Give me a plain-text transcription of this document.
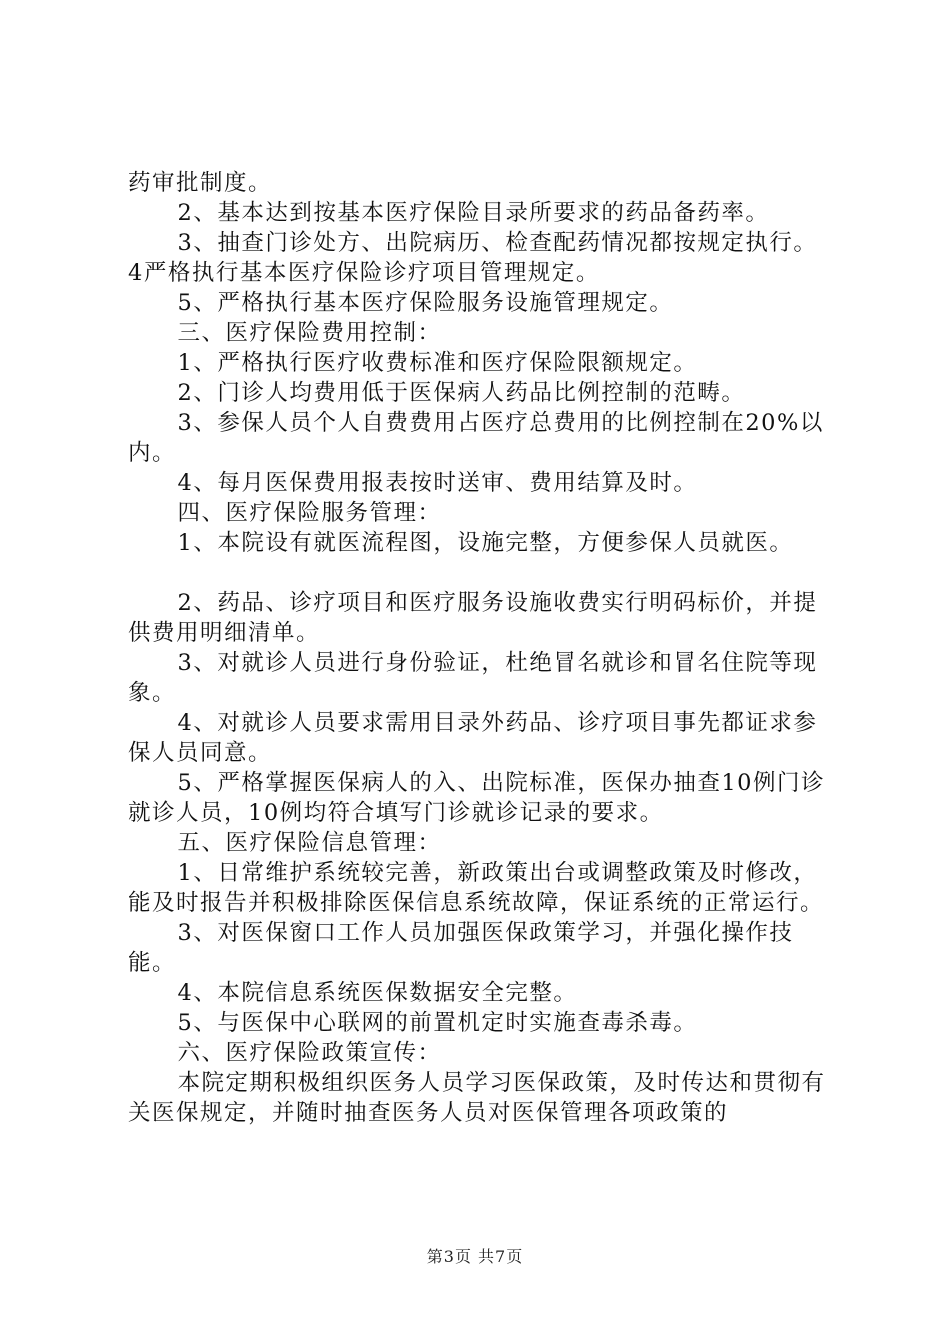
药审批制度。

2、基本达到按基本医疗保险目录所要求的药品备药率。

3、抽查门诊处方、出院病历、检查配药情况都按规定执行。

4严格执行基本医疗保险诊疗项目管理规定。

5、严格执行基本医疗保险服务设施管理规定。

三、医疗保险费用控制：

1、严格执行医疗收费标准和医疗保险限额规定。

2、门诊人均费用低于医保病人药品比例控制的范畴。

3、参保人员个人自费费用占医疗总费用的比例控制在20%以内。

4、每月医保费用报表按时送审、费用结算及时。

四、医疗保险服务管理：

1、本院设有就医流程图，设施完整，方便参保人员就医。

2、药品、诊疗项目和医疗服务设施收费实行明码标价，并提供费用明细清单。

3、对就诊人员进行身份验证，杜绝冒名就诊和冒名住院等现象。

4、对就诊人员要求需用目录外药品、诊疗项目事先都证求参保人员同意。

5、严格掌握医保病人的入、出院标准，医保办抽查10例门诊就诊人员，10例均符合填写门诊就诊记录的要求。

五、医疗保险信息管理：

1、日常维护系统较完善，新政策出台或调整政策及时修改，能及时报告并积极排除医保信息系统故障，保证系统的正常运行。

3、对医保窗口工作人员加强医保政策学习，并强化操作技能。

4、本院信息系统医保数据安全完整。

5、与医保中心联网的前置机定时实施查毒杀毒。

六、医疗保险政策宣传：

本院定期积极组织医务人员学习医保政策，及时传达和贯彻有关医保规定，并随时抽查医务人员对医保管理各项政策的

第3页 共7页
